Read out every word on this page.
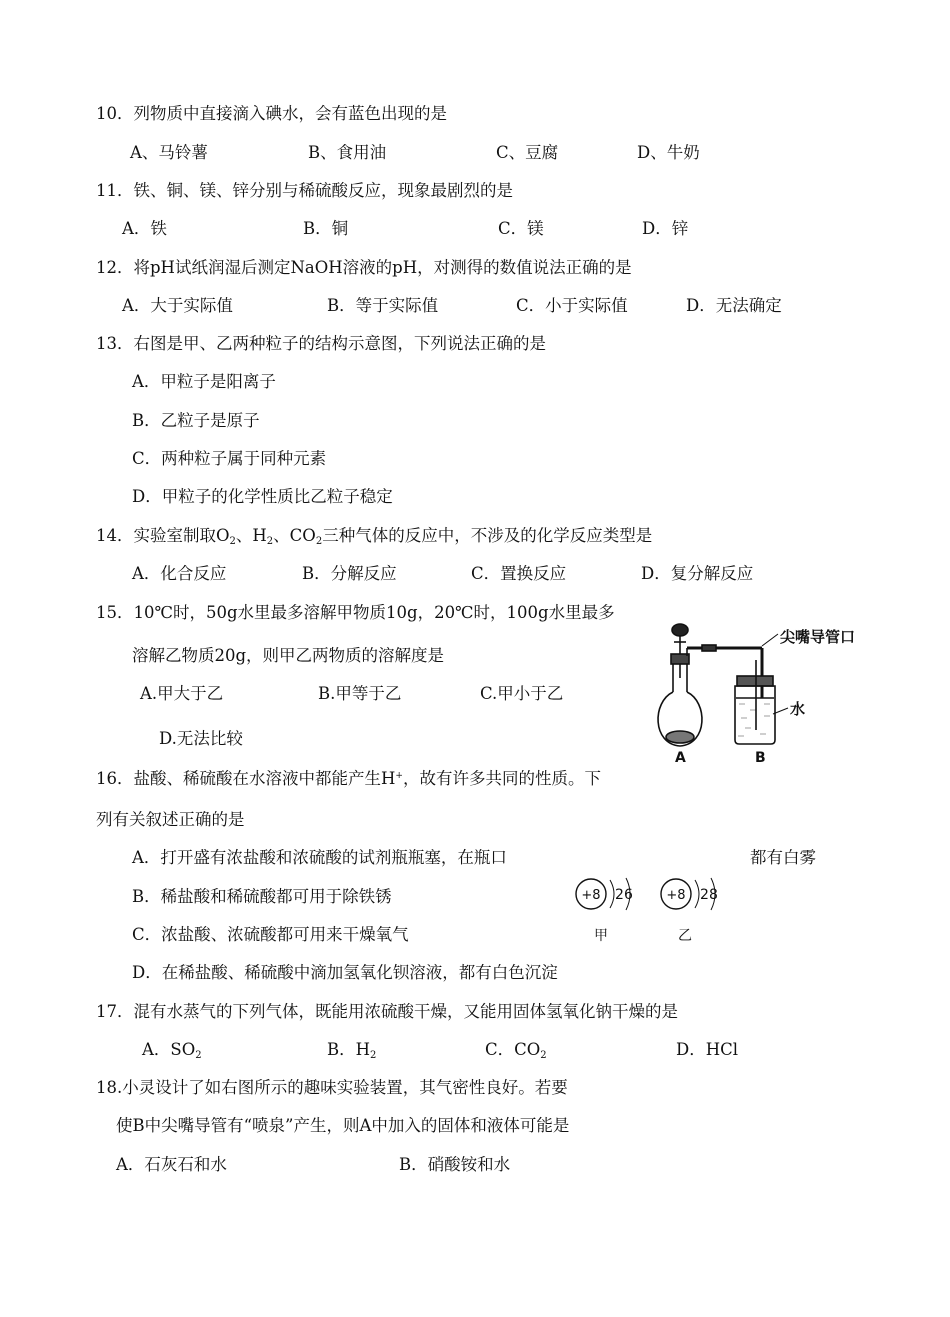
10．列物质中直接滴入碘水，会有蓝色出现的是
A、马铃薯	B、食用油	C、豆腐	D、牛奶
11．铁、铜、镁、锌分别与稀硫酸反应，现象最剧烈的是
A．铁	B．铜	C．镁	D．锌
12．将pH试纸润湿后测定NaOH溶液的pH，对测得的数值说法正确的是
A．大于实际值	B．等于实际值	C．小于实际值	D．无法确定
13．右图是甲、乙两种粒子的结构示意图，下列说法正确的是
A．甲粒子是阳离子
B．乙粒子是原子
C．两种粒子属于同种元素
D．甲粒子的化学性质比乙粒子稳定
14．实验室制取$O_2$、$H_2$、$CO_2$三种气体的反应中，不涉及的化学反应类型是
A．化合反应	B．分解反应	C．置换反应	D．复分解反应
15．10℃时，50g水里最多溶解甲物质10g，20℃时，100g水里最多
溶解乙物质20g，则甲乙两物质的溶解度是
A.甲大于乙	B.甲等于乙	C.甲小于乙
D.无法比较
尖嘴导管口
水
A	B
16．盐酸、稀硫酸在水溶液中都能产生H+，故有许多共同的性质。下
列有关叙述正确的是
A．打开盛有浓盐酸和浓硫酸的试剂瓶瓶塞，在瓶口	都有白雾
B．稀盐酸和稀硫酸都可用于除铁锈
C．浓盐酸、浓硫酸都可用来干燥氧气
D．在稀盐酸、稀硫酸中滴加氢氧化钡溶液，都有白色沉淀
+8 2 6
甲
+8 2 8
乙
17．混有水蒸气的下列气体，既能用浓硫酸干燥，又能用固体氢氧化钠干燥的是
A．$SO_2$	B．$H_2$	C．$CO_2$	D．HCl
18.小灵设计了如右图所示的趣味实验装置，其气密性良好。若要
使B中尖嘴导管有“喷泉”产生，则A中加入的固体和液体可能是
A．石灰石和水	B．硝酸铵和水
